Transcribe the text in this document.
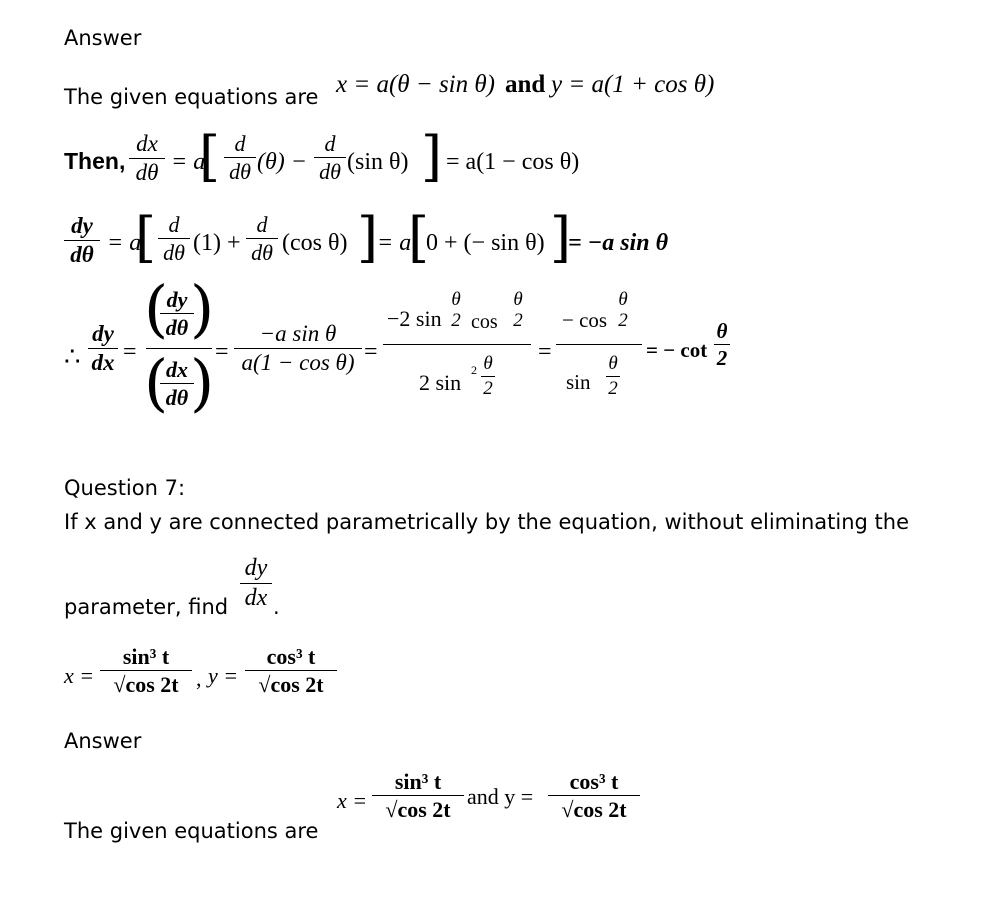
Answer
The given equations are x = a(θ − sin θ) and y = a(1 + cos θ)
Then,
dx
dθ = a
[ d
dθ (θ) −
d
dθ (sin θ) ] = a(1 − cos θ)
dy
dθ = a
[ d
dθ (1) +
d
dθ (cos θ) ]
= a
[
0 + (− sin θ) ]
= −a sin θ
∴
dy
dx =
( )
dy
dθ
( )
dx
dθ
=
−a sin θ
a(1 − cos θ) =
−2 sin
θ
2 cos
θ
2
2 sin 2 θ
2
=
− cos
θ
2
sin
θ
2
= − cot
θ
2
Question 7:
If x and y are connected parametrically by the equation, without eliminating the
parameter, find
dy
dx .
x =
sin³ t
√cos 2t , y =
cos³ t
√cos 2t
Answer
The given equations are
x =
sin³ t
√cos 2t
and y =
cos³ t
√cos 2t
